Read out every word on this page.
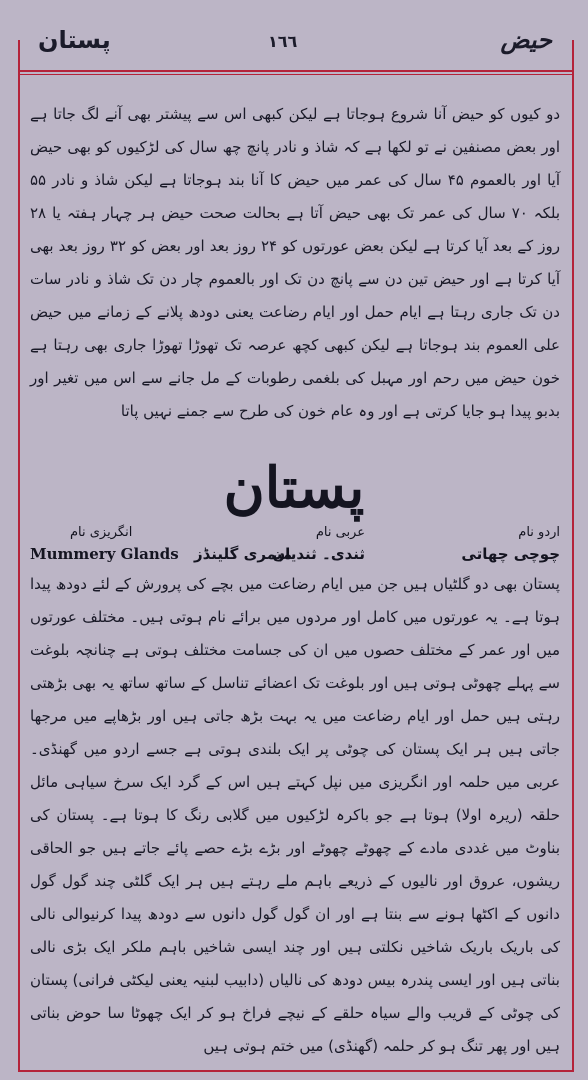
پستان	۱٦٦	حیض
دو کیوں کو حیض آنا شروع ہوجاتا ہے لیکن کبھی اس سے پیشتر بھی آنے لگ جاتا ہے اور بعض مصنفین نے تو لکھا ہے کہ شاذ و نادر پانچ چھ سال کی لڑکیوں کو بھی حیض آیا اور بالعموم ۴۵ سال کی عمر میں حیض کا آنا بند ہوجاتا ہے لیکن شاذ و نادر ۵۵ بلکہ ۷۰ سال کی عمر تک بھی حیض آتا ہے بحالت صحت حیض ہر چہار ہفتہ یا ۲۸ روز کے بعد آیا کرتا ہے لیکن بعض عورتوں کو ۲۴ روز بعد اور بعض کو ۳۲ روز بعد بھی آیا کرتا ہے اور حیض تین دن سے پانچ دن تک اور بالعموم چار دن تک شاذ و نادر سات دن تک جاری رہتا ہے ایام حمل اور ایام رضاعت یعنی دودھ پلانے کے زمانے میں حیض علی العموم بند ہوجاتا ہے لیکن کبھی کچھ عرصہ تک تھوڑا تھوڑا جاری بھی رہتا ہے خون حیض میں رحم اور مہبل کی بلغمی رطوبات کے مل جانے سے اس میں تغیر اور بدبو پیدا ہو جایا کرتی ہے اور وہ عام خون کی طرح سے جمنے نہیں پاتا
پستان
اردو نام
عربی نام
انگریزی نام
چوچی چھاتی
ثندی۔ ثندیان
Mummery Glands میمری گلینڈز
پستان بھی دو گلٹیاں ہیں جن میں ایام رضاعت میں بچے کی پرورش کے لئے دودھ پیدا ہوتا ہے۔ یہ عورتوں میں کامل اور مردوں میں برائے نام ہوتی ہیں۔ مختلف عورتوں میں اور عمر کے مختلف حصوں میں ان کی جسامت مختلف ہوتی ہے چنانچہ بلوغت سے پہلے چھوٹی ہوتی ہیں اور بلوغت تک اعضائے تناسل کے ساتھ ساتھ یہ بھی بڑھتی رہتی ہیں حمل اور ایام رضاعت میں یہ بہت بڑھ جاتی ہیں اور بڑھاپے میں مرجھا جاتی ہیں ہر ایک پستان کی چوٹی پر ایک بلندی ہوتی ہے جسے اردو میں گھنڈی۔ عربی میں حلمہ اور انگریزی میں نپل کہتے ہیں اس کے گرد ایک سرخ سیاہی مائل حلقہ (ریرہ اولا) ہوتا ہے جو باکرہ لڑکیوں میں گلابی رنگ کا ہوتا ہے۔ پستان کی بناوٹ میں غددی مادے کے چھوٹے چھوٹے اور بڑے بڑے حصے پائے جاتے ہیں جو الحاقی ریشوں، عروق اور نالیوں کے ذریعے باہم ملے رہتے ہیں ہر ایک گلٹی چند گول گول دانوں کے اکٹھا ہونے سے بنتا ہے اور ان گول گول دانوں سے دودھ پیدا کرنیوالی نالی کی باریک باریک شاخیں نکلتی ہیں اور چند ایسی شاخیں باہم ملکر ایک بڑی نالی بناتی ہیں اور ایسی پندرہ بیس دودھ کی نالیاں (دابیب لبنیہ یعنی لیکٹی فرانی) پستان کی چوٹی کے قریب والے سیاہ حلقے کے نیچے فراخ ہو کر ایک چھوٹا سا حوض بناتی ہیں اور پھر تنگ ہو کر حلمہ (گھنڈی) میں ختم ہوتی ہیں
